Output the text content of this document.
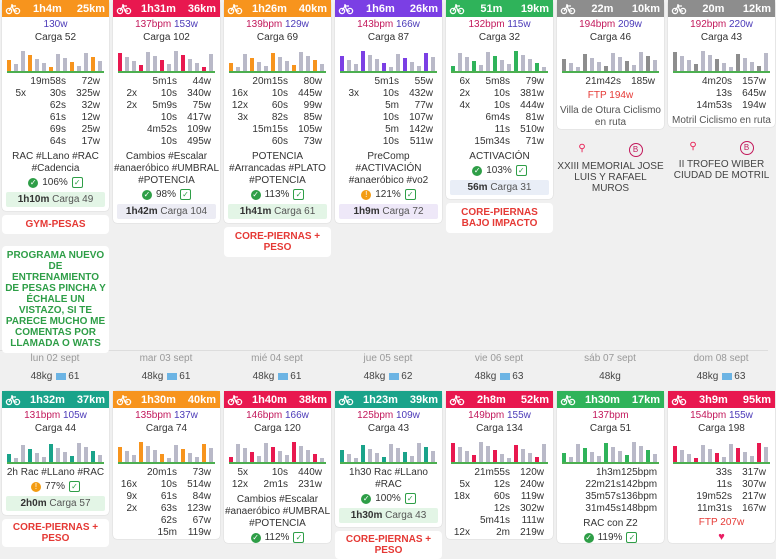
1h4m	25km
130w
Carga 52
19m58s	72w
5x	30s	325w
62s	32w
61s	12w
69s	25w
64s	17w
RAC #LLano #RAC #Cadencia
✓ 106% ✓
1h10m Carga 49
GYM-PESAS
PROGRAMA NUEVO DE ENTRENAMIENTO DE PESAS PINCHA Y ÉCHALE UN VISTAZO, SI TE PARECE MUCHO ME COMENTAS POR LLAMADA O WATS
1h31m	36km
137bpm 153w
Carga 102
5m1s	44w
2x	10s	340w
2x	5m9s	75w
10s	417w
4m52s	109w
10s	495w
Cambios #Escalar #anaeróbico #UMBRAL #POTENCIA
✓ 98% ✓
1h42m Carga 104
1h26m	40km
139bpm 129w
Carga 69
20m15s	80w
16x	10s	445w
12x	60s	99w
3x	82s	85w
15m15s	105w
60s	73w
POTENCIA #Arrancadas #PLATO #POTENCIA
✓ 113% ✓
1h41m Carga 61
CORE-PIERNAS + PESO
1h6m	26km
143bpm 166w
Carga 87
5m1s	55w
3x	10s	432w
5m	77w
10s	107w
5m	142w
10s	511w
PreComp #ACTIVACIÓN #anaeróbico #vo2
! 121% ✓
1h9m Carga 72
51m	19km
132bpm 115w
Carga 32
6x	5m8s	79w
2x	10s	381w
4x	10s	444w
6m4s	81w
11s	510w
15m34s	71w
ACTIVACIÓN
✓ 103% ✓
56m Carga 31
CORE-PIERNAS BAJO IMPACTO
22m	10km
194bpm 209w
Carga 46
21m42s	185w
FTP 194w
Villa de Otura Ciclismo en ruta
⚲	B
XXIII MEMORIAL JOSE LUIS Y RAFAEL MUROS
20m	12km
192bpm 220w
Carga 43
4m20s	157w
13s	645w
14m53s	194w
Motril Ciclismo en ruta
⚲	B
II TROFEO WIBER CIUDAD DE MOTRIL
lun 02 sept
48kg 61
mar 03 sept
48kg 61
mié 04 sept
48kg 61
jue 05 sept
48kg 62
vie 06 sept
48kg 63
sáb 07 sept
48kg
dom 08 sept
48kg 63
1h32m	37km
131bpm 105w
Carga 44
2h Rac #LLano #RAC
! 77% ✓
2h0m Carga 57
CORE-PIERNAS + PESO
1h30m	40km
135bpm 137w
Carga 74
20m1s	73w
16x	10s	514w
9x	61s	84w
2x	63s	123w
62s	67w
15m	119w
1h40m	38km
146bpm 166w
Carga 120
5x	10s	440w
12x	2m1s	231w
Cambios #Escalar #anaeróbico #UMBRAL #POTENCIA
✓ 112% ✓
1h23m	39km
125bpm 109w
Carga 43
1h30 Rac #LLano #RAC
✓ 100% ✓
1h30m Carga 43
CORE-PIERNAS + PESO
2h8m	52km
149bpm 155w
Carga 134
21m55s	120w
5x	12s	240w
18x	60s	119w
12s	302w
5m41s	111w
12x	2m	219w
1h30m	17km
137bpm
Carga 51
1h3m 125bpm
22m21s 142bpm
35m57s 136bpm
31m45s 148bpm
RAC con Z2
✓ 119% ✓
3h9m	95km
154bpm 155w
Carga 198
33s	317w
11s	307w
19m52s	217w
11m31s	167w
FTP 207w
♥
